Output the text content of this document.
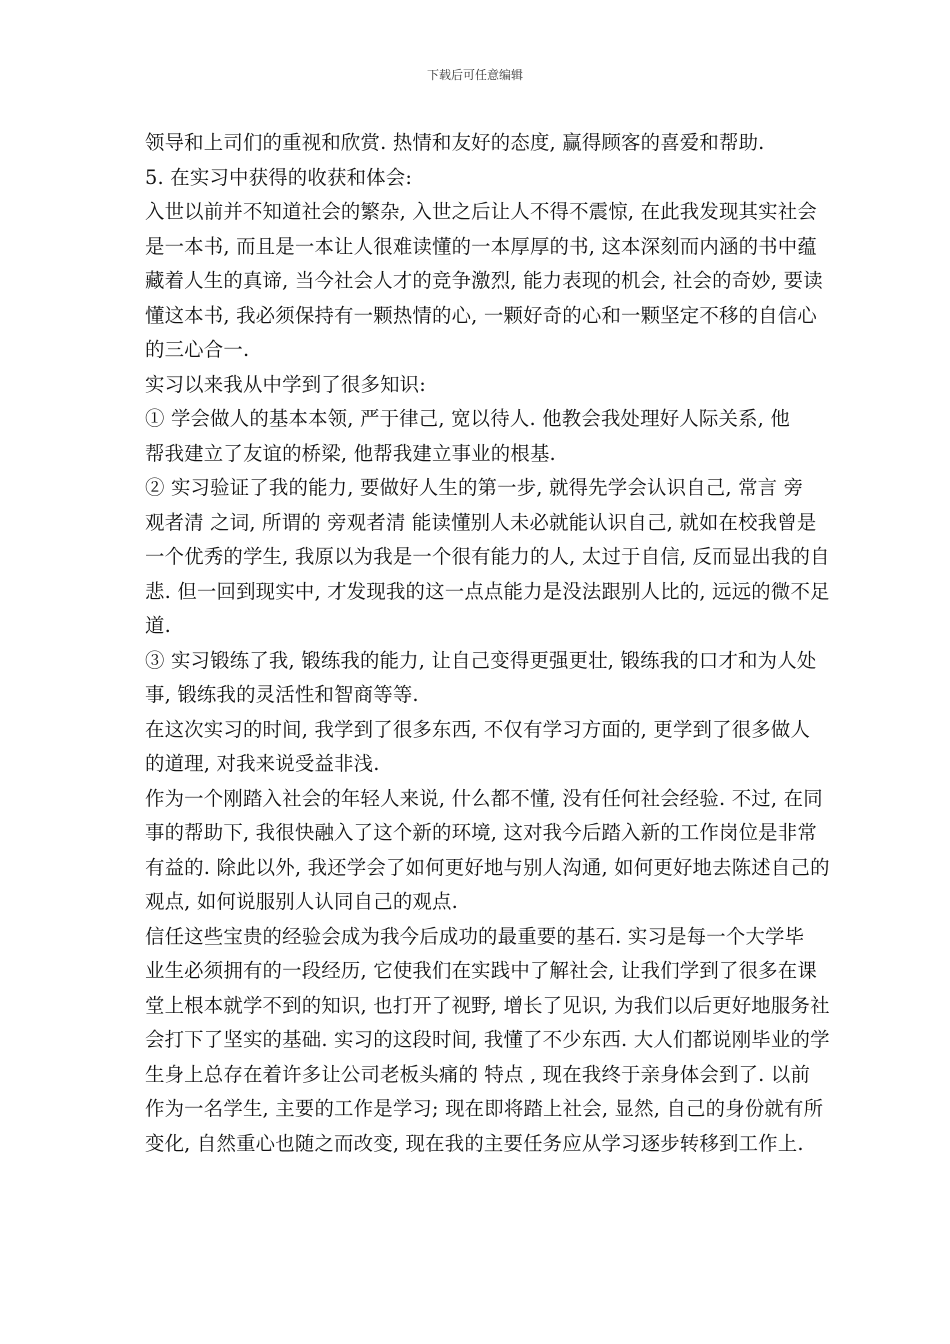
下载后可任意编辑
领导和上司们的重视和欣赏. 热情和友好的态度, 赢得顾客的喜爱和帮助.
5. 在实习中获得的收获和体会:
入世以前并不知道社会的繁杂, 入世之后让人不得不震惊, 在此我发现其实社会
是一本书, 而且是一本让人很难读懂的一本厚厚的书, 这本深刻而内涵的书中蕴
藏着人生的真谛, 当今社会人才的竞争激烈, 能力表现的机会, 社会的奇妙, 要读
懂这本书, 我必须保持有一颗热情的心, 一颗好奇的心和一颗坚定不移的自信心
的三心合一.
实习以来我从中学到了很多知识:
① 学会做人的基本本领, 严于律己, 宽以待人. 他教会我处理好人际关系, 他
帮我建立了友谊的桥梁, 他帮我建立事业的根基.
② 实习验证了我的能力, 要做好人生的第一步, 就得先学会认识自己, 常言 旁
观者清 之词, 所谓的 旁观者清 能读懂别人未必就能认识自己, 就如在校我曾是
一个优秀的学生, 我原以为我是一个很有能力的人, 太过于自信, 反而显出我的自
悲. 但一回到现实中, 才发现我的这一点点能力是没法跟别人比的, 远远的微不足
道.
③ 实习锻练了我, 锻练我的能力, 让自己变得更强更壮, 锻练我的口才和为人处
事, 锻练我的灵活性和智商等等.
在这次实习的时间, 我学到了很多东西, 不仅有学习方面的, 更学到了很多做人
的道理, 对我来说受益非浅.
作为一个刚踏入社会的年轻人来说, 什么都不懂, 没有任何社会经验. 不过, 在同
事的帮助下, 我很快融入了这个新的环境, 这对我今后踏入新的工作岗位是非常
有益的. 除此以外, 我还学会了如何更好地与别人沟通, 如何更好地去陈述自己的
观点, 如何说服别人认同自己的观点.
信任这些宝贵的经验会成为我今后成功的最重要的基石. 实习是每一个大学毕
业生必须拥有的一段经历, 它使我们在实践中了解社会, 让我们学到了很多在课
堂上根本就学不到的知识, 也打开了视野, 增长了见识, 为我们以后更好地服务社
会打下了坚实的基础. 实习的这段时间, 我懂了不少东西. 大人们都说刚毕业的学
生身上总存在着许多让公司老板头痛的 特点 , 现在我终于亲身体会到了. 以前
作为一名学生, 主要的工作是学习; 现在即将踏上社会, 显然, 自己的身份就有所
变化, 自然重心也随之而改变, 现在我的主要任务应从学习逐步转移到工作上.
